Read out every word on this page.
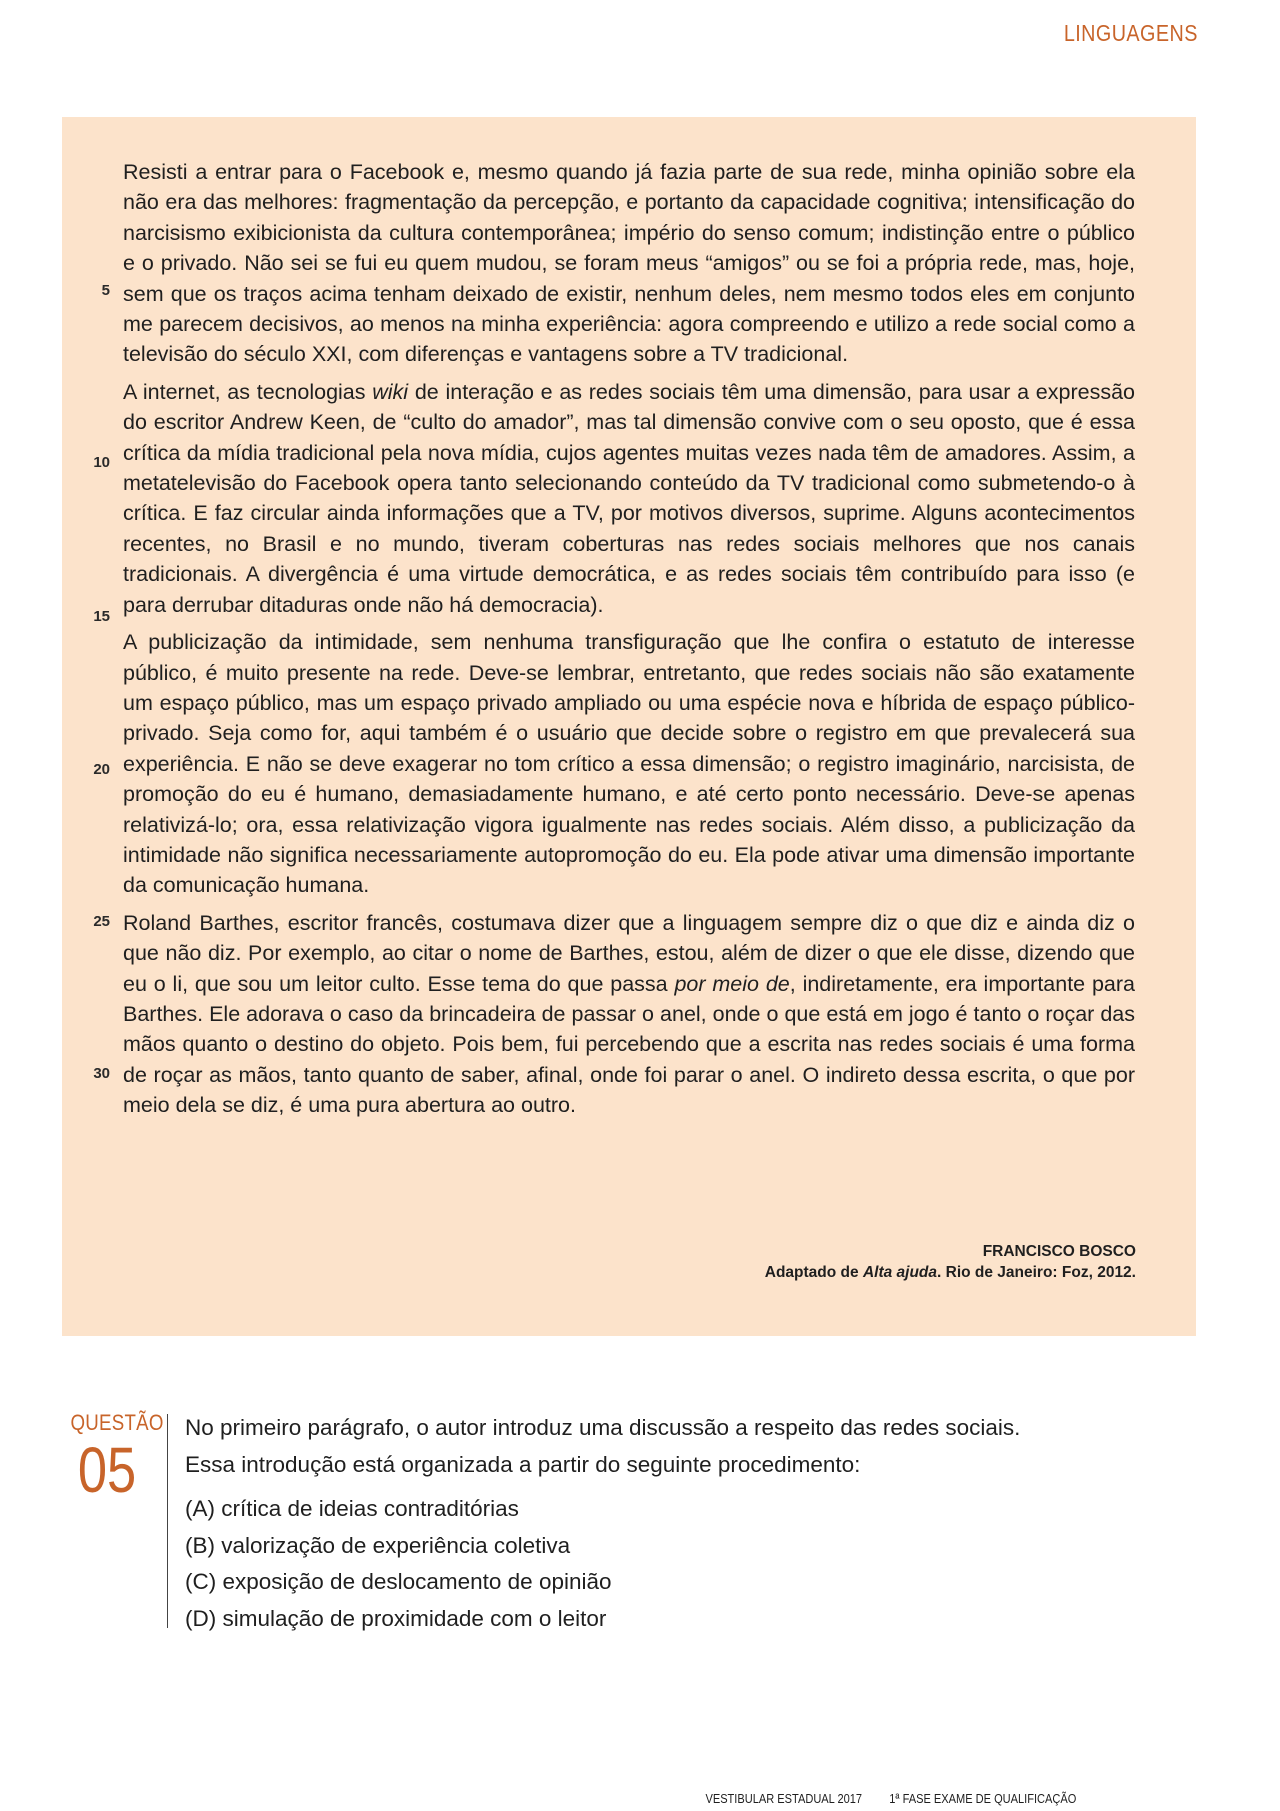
LINGUAGENS

Resisti a entrar para o Facebook e, mesmo quando já fazia parte de sua rede, minha opinião sobre ela não era das melhores: fragmentação da percepção, e portanto da capacidade cognitiva; intensificação do narcisismo exibicionista da cultura contemporânea; império do senso comum; indistinção entre o público e o privado. Não sei se fui eu quem mudou, se foram meus “amigos” ou se foi a própria rede, mas, hoje, sem que os traços acima tenham deixado de existir, nenhum deles, nem mesmo todos eles em conjunto me parecem decisivos, ao menos na minha experiência: agora compreendo e utilizo a rede social como a televisão do século XXI, com diferenças e vantagens sobre a TV tradicional.

A internet, as tecnologias wiki de interação e as redes sociais têm uma dimensão, para usar a expressão do escritor Andrew Keen, de “culto do amador”, mas tal dimensão convive com o seu oposto, que é essa crítica da mídia tradicional pela nova mídia, cujos agentes muitas vezes nada têm de amadores. Assim, a metatelevisão do Facebook opera tanto selecionando conteúdo da TV tradicional como submetendo-o à crítica. E faz circular ainda informações que a TV, por motivos diversos, suprime. Alguns acontecimentos recentes, no Brasil e no mundo, tiveram coberturas nas redes sociais melhores que nos canais tradicionais. A divergência é uma virtude democrática, e as redes sociais têm contribuído para isso (e para derrubar ditaduras onde não há democracia).

A publicização da intimidade, sem nenhuma transfiguração que lhe confira o estatuto de interesse público, é muito presente na rede. Deve-se lembrar, entretanto, que redes sociais não são exatamente um espaço público, mas um espaço privado ampliado ou uma espécie nova e híbrida de espaço público-privado. Seja como for, aqui também é o usuário que decide sobre o registro em que prevalecerá sua experiência. E não se deve exagerar no tom crítico a essa dimensão; o registro imaginário, narcisista, de promoção do eu é humano, demasiadamente humano, e até certo ponto necessário. Deve-se apenas relativizá-lo; ora, essa relativização vigora igualmente nas redes sociais. Além disso, a publicização da intimidade não significa necessariamente autopromoção do eu. Ela pode ativar uma dimensão importante da comunicação humana.

Roland Barthes, escritor francês, costumava dizer que a linguagem sempre diz o que diz e ainda diz o que não diz. Por exemplo, ao citar o nome de Barthes, estou, além de dizer o que ele disse, dizendo que eu o li, que sou um leitor culto. Esse tema do que passa por meio de, indiretamente, era importante para Barthes. Ele adorava o caso da brincadeira de passar o anel, onde o que está em jogo é tanto o roçar das mãos quanto o destino do objeto. Pois bem, fui percebendo que a escrita nas redes sociais é uma forma de roçar as mãos, tanto quanto de saber, afinal, onde foi parar o anel. O indireto dessa escrita, o que por meio dela se diz, é uma pura abertura ao outro.

5
10
15
20
25
30
FRANCISCO BOSCO
Adaptado de Alta ajuda. Rio de Janeiro: Foz, 2012.
QUESTÃO
05
No primeiro parágrafo, o autor introduz uma discussão a respeito das redes sociais.
Essa introdução está organizada a partir do seguinte procedimento:
(A) crítica de ideias contraditórias
(B) valorização de experiência coletiva
(C) exposição de deslocamento de opinião
(D) simulação de proximidade com o leitor
VESTIBULAR ESTADUAL 2017 1ª FASE EXAME DE QUALIFICAÇÃO
